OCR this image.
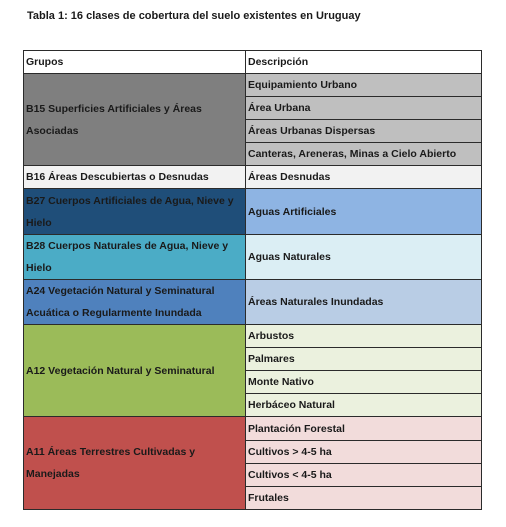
Tabla 1: 16 clases de cobertura del suelo existentes en Uruguay
Grupos	Descripción
B15 Superficies Artificiales y Áreas Asociadas	Equipamiento Urbano
	Área Urbana
	Áreas Urbanas Dispersas
	Canteras, Areneras, Minas a Cielo Abierto
B16 Áreas Descubiertas o Desnudas	Áreas Desnudas
B27 Cuerpos Artificiales de Agua, Nieve y Hielo	Aguas Artificiales
B28 Cuerpos Naturales de Agua, Nieve y Hielo	Aguas Naturales
A24 Vegetación Natural y Seminatural Acuática o Regularmente Inundada	Áreas Naturales Inundadas
A12 Vegetación Natural y Seminatural	Arbustos
	Palmares
	Monte Nativo
	Herbáceo Natural
A11 Áreas Terrestres Cultivadas y Manejadas	Plantación Forestal
	Cultivos > 4-5 ha
	Cultivos < 4-5 ha
	Frutales
